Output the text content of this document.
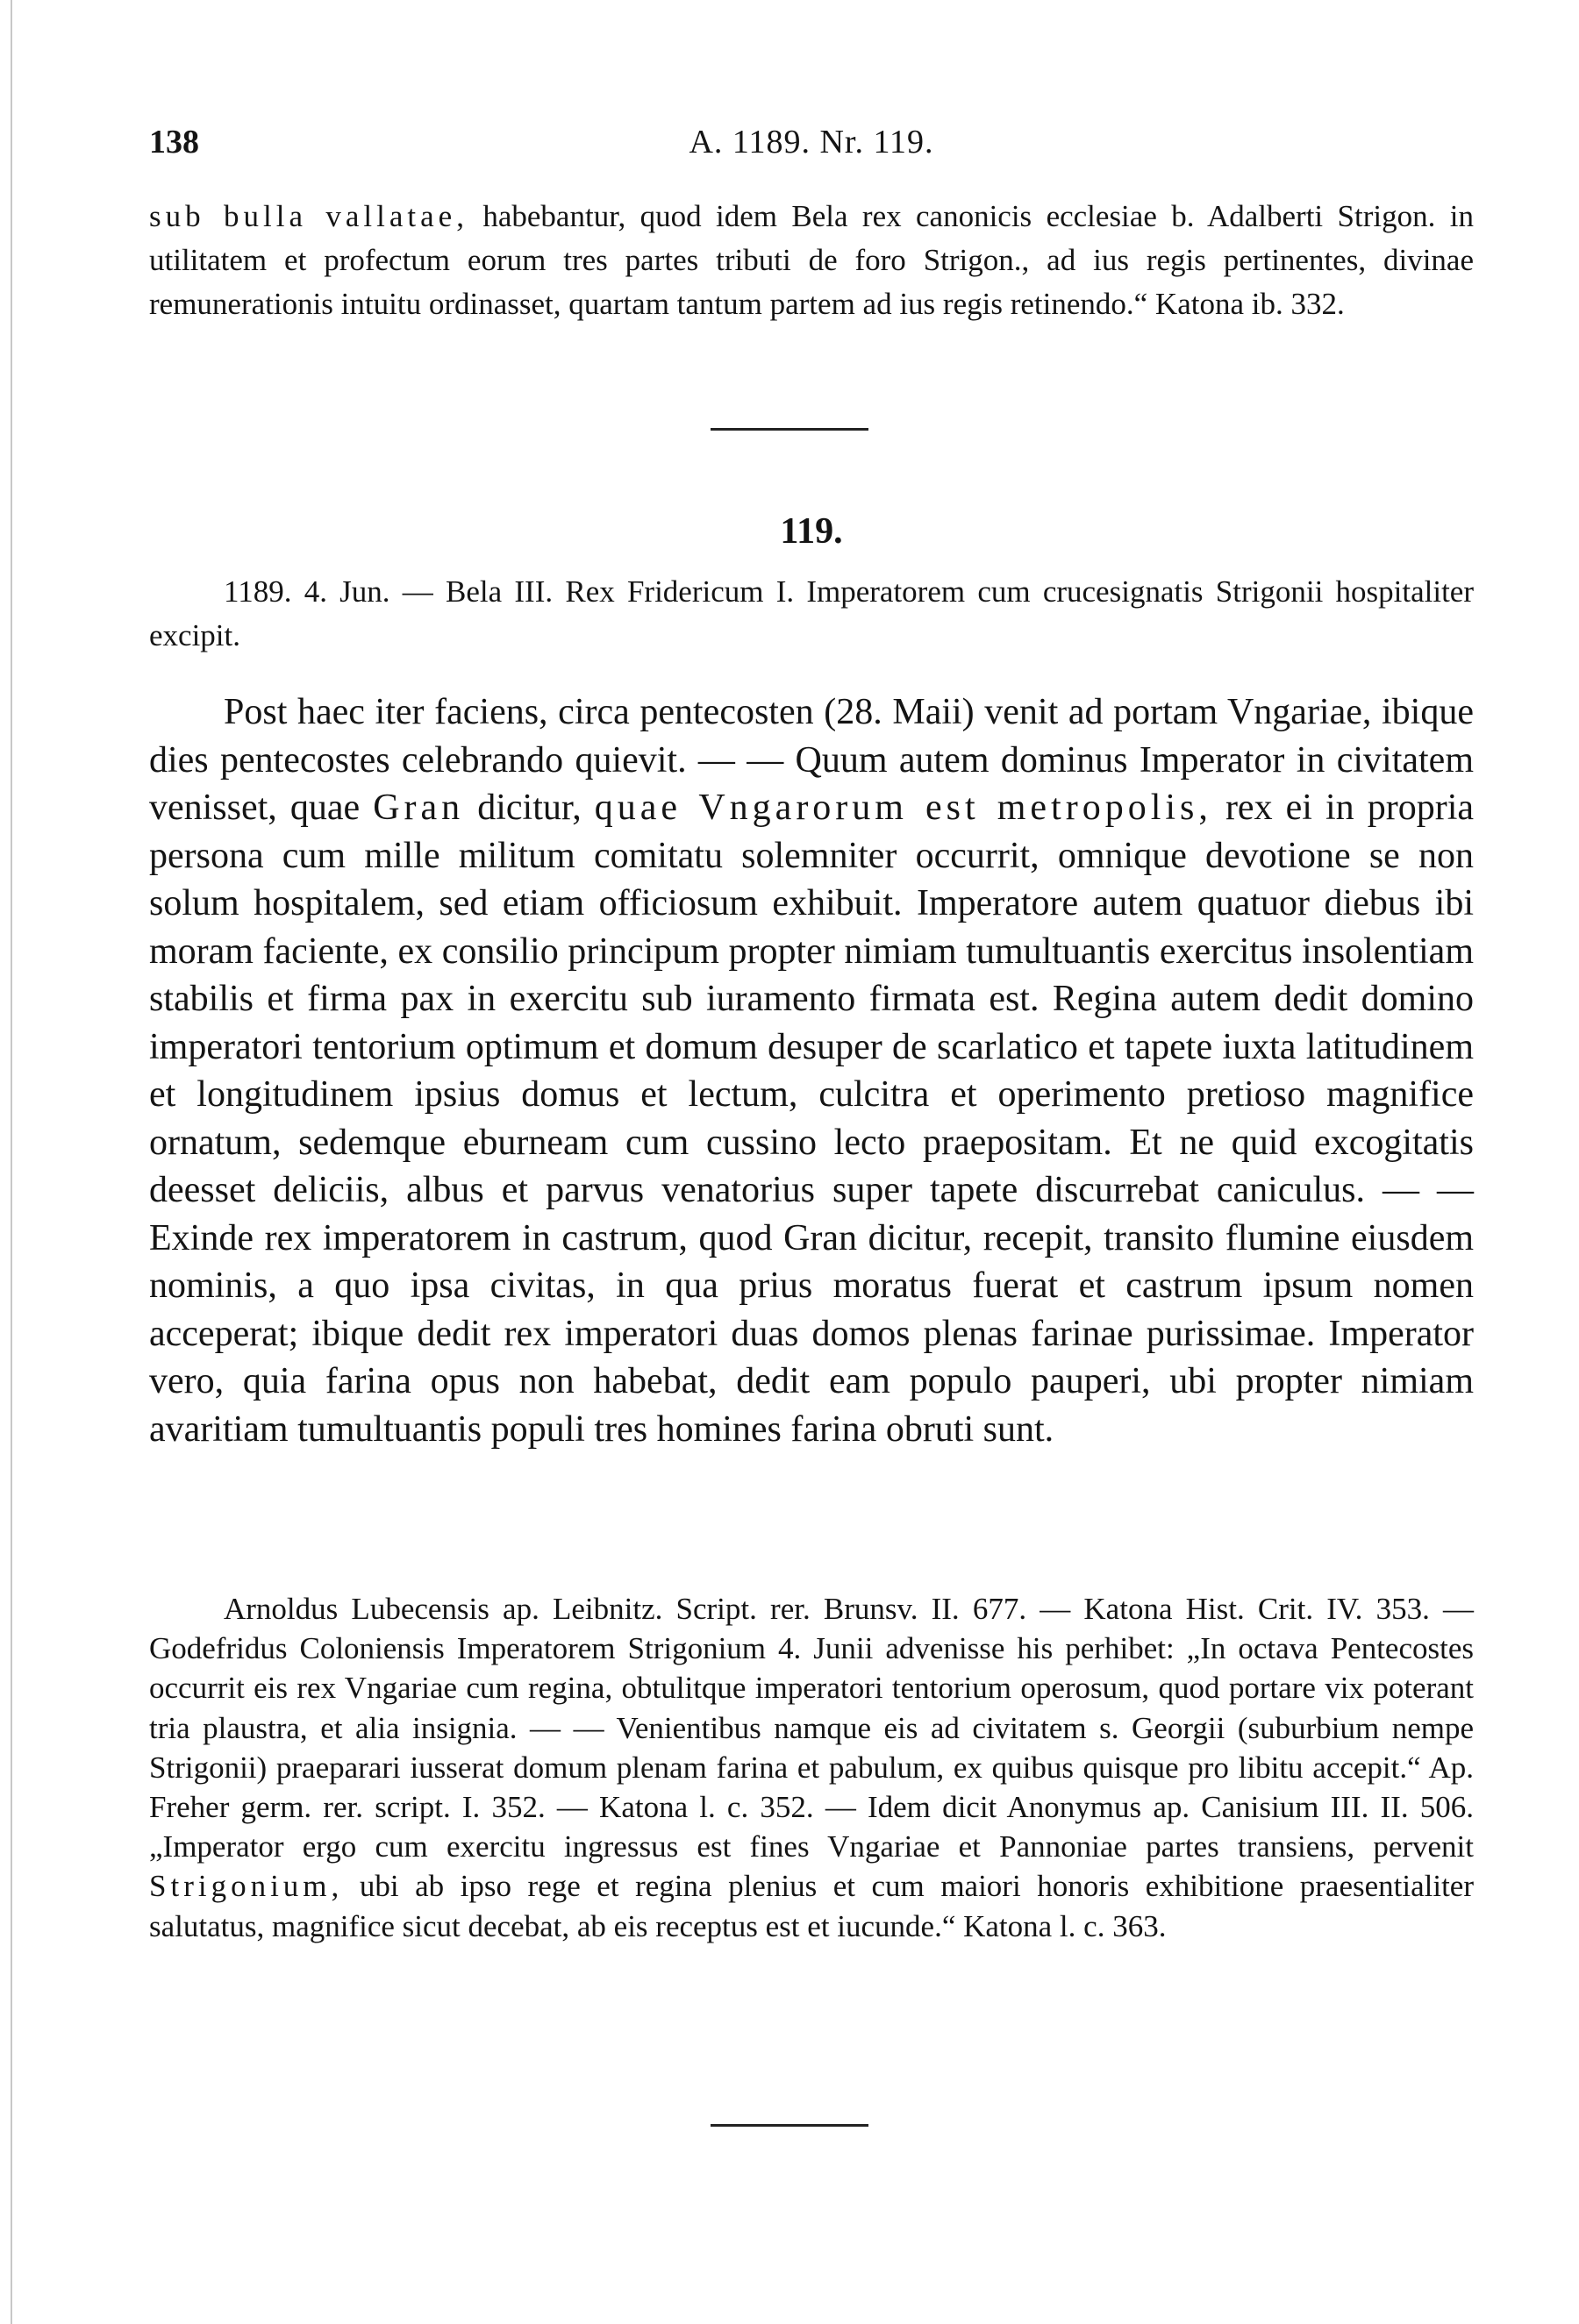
138	A. 1189. Nr. 119.

sub bulla vallatae, habebantur, quod idem Bela rex canonicis ecclesiae b. Adalberti Strigon. in utilitatem et profectum eorum tres partes tributi de foro Strigon., ad ius regis pertinentes, divinae remunerationis intuitu ordinasset, quartam tantum partem ad ius regis retinendo.“ Katona ib. 332.

119.

1189. 4. Jun. — Bela III. Rex Fridericum I. Imperatorem cum crucesignatis Strigonii hospitaliter excipit.

Post haec iter faciens, circa pentecosten (28. Maii) venit ad portam Vngariae, ibique dies pentecostes celebrando quievit. — — Quum autem dominus Imperator in civitatem venisset, quae Gran dicitur, quae Vngarorum est metropolis, rex ei in propria persona cum mille militum comitatu solemniter occurrit, omnique devotione se non solum hospitalem, sed etiam officiosum exhibuit. Imperatore autem quatuor diebus ibi moram faciente, ex consilio principum propter nimiam tumultuantis exercitus insolentiam stabilis et firma pax in exercitu sub iuramento firmata est. Regina autem dedit domino imperatori tentorium optimum et domum desuper de scarlatico et tapete iuxta latitudinem et longitudinem ipsius domus et lectum, culcitra et operimento pretioso magnifice ornatum, sedemque eburneam cum cussino lecto praepositam. Et ne quid excogitatis deesset deliciis, albus et parvus venatorius super tapete discurrebat caniculus. — — Exinde rex imperatorem in castrum, quod Gran dicitur, recepit, transito flumine eiusdem nominis, a quo ipsa civitas, in qua prius moratus fuerat et castrum ipsum nomen acceperat; ibique dedit rex imperatori duas domos plenas farinae purissimae. Imperator vero, quia farina opus non habebat, dedit eam populo pauperi, ubi propter nimiam avaritiam tumultuantis populi tres homines farina obruti sunt.

Arnoldus Lubecensis ap. Leibnitz. Script. rer. Brunsv. II. 677. — Katona Hist. Crit. IV. 353. — Godefridus Coloniensis Imperatorem Strigonium 4. Junii advenisse his perhibet: „In octava Pentecostes occurrit eis rex Vngariae cum regina, obtulitque imperatori tentorium operosum, quod portare vix poterant tria plaustra, et alia insignia. — — Venientibus namque eis ad civitatem s. Georgii (suburbium nempe Strigonii) praeparari iusserat domum plenam farina et pabulum, ex quibus quisque pro libitu accepit.“ Ap. Freher germ. rer. script. I. 352. — Katona l. c. 352. — Idem dicit Anonymus ap. Canisium III. II. 506. „Imperator ergo cum exercitu ingressus est fines Vngariae et Pannoniae partes transiens, pervenit Strigonium, ubi ab ipso rege et regina plenius et cum maiori honoris exhibitione praesentialiter salutatus, magnifice sicut decebat, ab eis receptus est et iucunde.“ Katona l. c. 363.
